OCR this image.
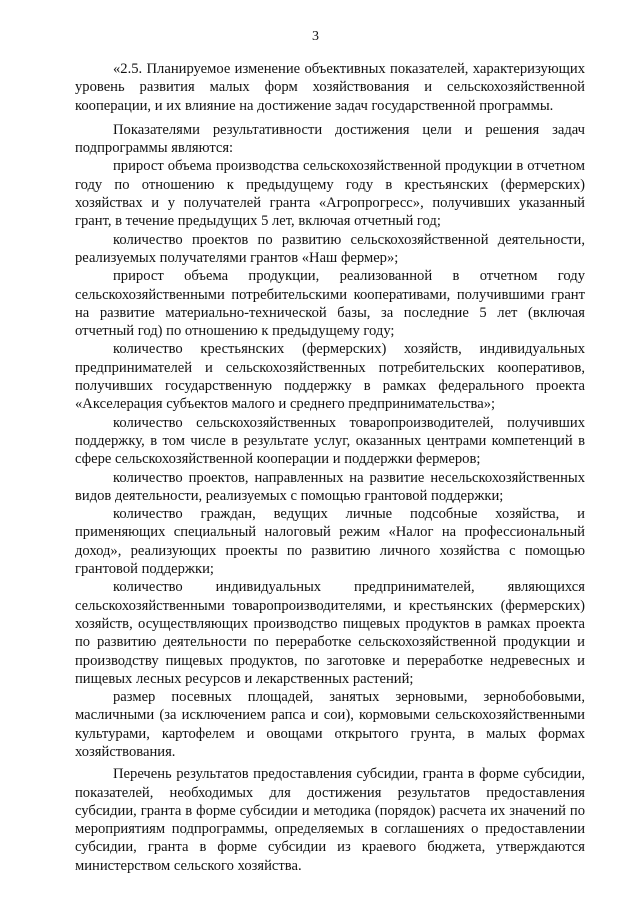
3

«2.5. Планируемое изменение объективных показателей, характеризующих уровень развития малых форм хозяйствования и сельскохозяйственной кооперации, и их влияние на достижение задач государственной программы.

Показателями результативности достижения цели и решения задач подпрограммы являются:

прирост объема производства сельскохозяйственной продукции в отчетном году по отношению к предыдущему году в крестьянских (фермерских) хозяйствах и у получателей гранта «Агропрогресс», получивших указанный грант, в течение предыдущих 5 лет, включая отчетный год;

количество проектов по развитию сельскохозяйственной деятельности, реализуемых получателями грантов «Наш фермер»;

прирост объема продукции, реализованной в отчетном году сельскохозяйственными потребительскими кооперативами, получившими грант на развитие материально-технической базы, за последние 5 лет (включая отчетный год) по отношению к предыдущему году;

количество крестьянских (фермерских) хозяйств, индивидуальных предпринимателей и сельскохозяйственных потребительских кооперативов, получивших государственную поддержку в рамках федерального проекта «Акселерация субъектов малого и среднего предпринимательства»;

количество сельскохозяйственных товаропроизводителей, получивших поддержку, в том числе в результате услуг, оказанных центрами компетенций в сфере сельскохозяйственной кооперации и поддержки фермеров;

количество проектов, направленных на развитие несельскохозяйственных видов деятельности, реализуемых с помощью грантовой поддержки;

количество граждан, ведущих личные подсобные хозяйства, и применяющих специальный налоговый режим «Налог на профессиональный доход», реализующих проекты по развитию личного хозяйства с помощью грантовой поддержки;

количество индивидуальных предпринимателей, являющихся сельскохозяйственными товаропроизводителями, и крестьянских (фермерских) хозяйств, осуществляющих производство пищевых продуктов в рамках проекта по развитию деятельности по переработке сельскохозяйственной продукции и производству пищевых продуктов, по заготовке и переработке недревесных и пищевых лесных ресурсов и лекарственных растений;

размер посевных площадей, занятых зерновыми, зернобобовыми, масличными (за исключением рапса и сои), кормовыми сельскохозяйственными культурами, картофелем и овощами открытого грунта, в малых формах хозяйствования.

Перечень результатов предоставления субсидии, гранта в форме субсидии, показателей, необходимых для достижения результатов предоставления субсидии, гранта в форме субсидии и методика (порядок) расчета их значений по мероприятиям подпрограммы, определяемых в соглашениях о предоставлении субсидии, гранта в форме субсидии из краевого бюджета, утверждаются министерством сельского хозяйства.
